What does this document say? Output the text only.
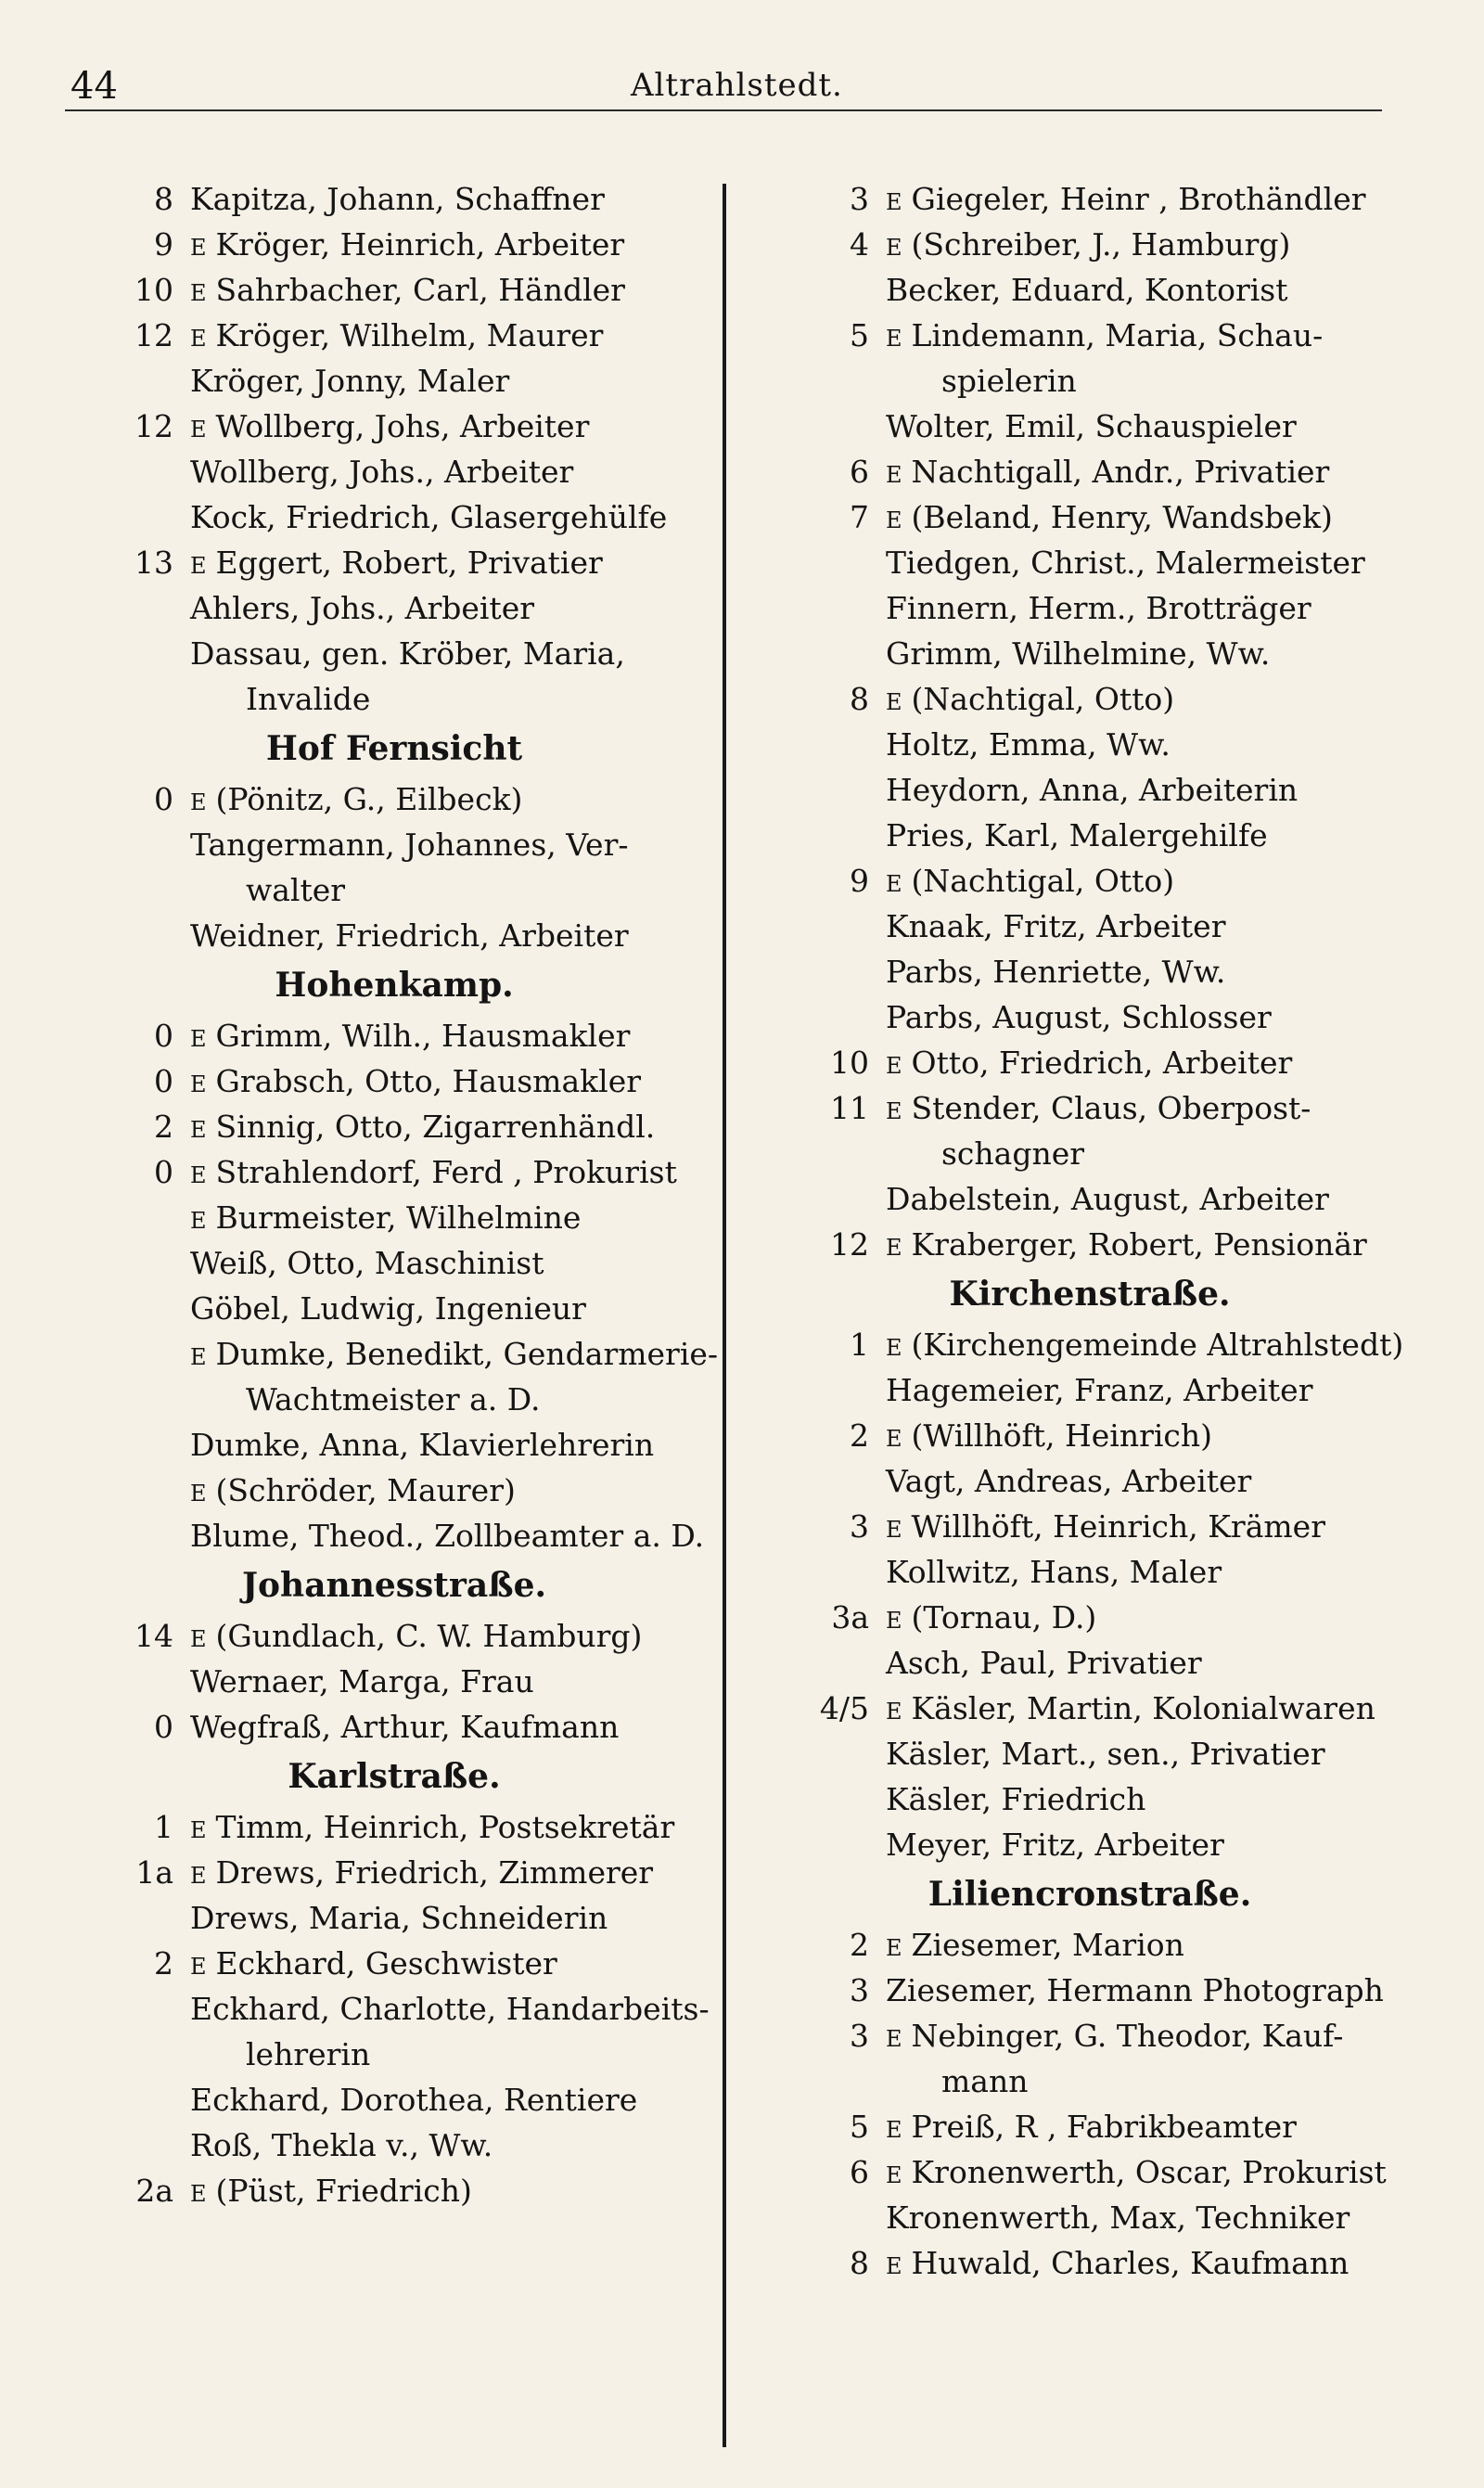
44	Altrahlstedt.
8 Kapitza, Johann, Schaffner
9 E Kröger, Heinrich, Arbeiter
10 E Sahrbacher, Carl, Händler
12 E Kröger, Wilhelm, Maurer
Kröger, Jonny, Maler
12 E Wollberg, Johs, Arbeiter
Wollberg, Johs., Arbeiter
Kock, Friedrich, Glasergehülfe
13 E Eggert, Robert, Privatier
Ahlers, Johs., Arbeiter
Dassau, gen. Kröber, Maria,
Invalide
Hof Fernsicht
0 E (Pönitz, G., Eilbeck)
Tangermann, Johannes, Ver-
walter
Weidner, Friedrich, Arbeiter
Hohenkamp.
0 E Grimm, Wilh., Hausmakler
0 E Grabsch, Otto, Hausmakler
2 E Sinnig, Otto, Zigarrenhändl.
0 E Strahlendorf, Ferd , Prokurist
E Burmeister, Wilhelmine
Weiß, Otto, Maschinist
Göbel, Ludwig, Ingenieur
E Dumke, Benedikt, Gendarmerie-
Wachtmeister a. D.
Dumke, Anna, Klavierlehrerin
E (Schröder, Maurer)
Blume, Theod., Zollbeamter a. D.
Johannesstraße.
14 E (Gundlach, C. W. Hamburg)
Wernaer, Marga, Frau
0 Wegfraß, Arthur, Kaufmann
Karlstraße.
1 E Timm, Heinrich, Postsekretär
1a E Drews, Friedrich, Zimmerer
Drews, Maria, Schneiderin
2 E Eckhard, Geschwister
Eckhard, Charlotte, Handarbeits-
lehrerin
Eckhard, Dorothea, Rentiere
Roß, Thekla v., Ww.
2a E (Püst, Friedrich)
3 E Giegeler, Heinr , Brothändler
4 E (Schreiber, J., Hamburg)
Becker, Eduard, Kontorist
5 E Lindemann, Maria, Schau-
spielerin
Wolter, Emil, Schauspieler
6 E Nachtigall, Andr., Privatier
7 E (Beland, Henry, Wandsbek)
Tiedgen, Christ., Malermeister
Finnern, Herm., Brotträger
Grimm, Wilhelmine, Ww.
8 E (Nachtigal, Otto)
Holtz, Emma, Ww.
Heydorn, Anna, Arbeiterin
Pries, Karl, Malergehilfe
9 E (Nachtigal, Otto)
Knaak, Fritz, Arbeiter
Parbs, Henriette, Ww.
Parbs, August, Schlosser
10 E Otto, Friedrich, Arbeiter
11 E Stender, Claus, Oberpost-
schagner
Dabelstein, August, Arbeiter
12 E Kraberger, Robert, Pensionär
Kirchenstraße.
1 E (Kirchengemeinde Altrahlstedt)
Hagemeier, Franz, Arbeiter
2 E (Willhöft, Heinrich)
Vagt, Andreas, Arbeiter
3 E Willhöft, Heinrich, Krämer
Kollwitz, Hans, Maler
3a E (Tornau, D.)
Asch, Paul, Privatier
4/5 E Käsler, Martin, Kolonialwaren
Käsler, Mart., sen., Privatier
Käsler, Friedrich
Meyer, Fritz, Arbeiter
Liliencronstraße.
2 E Ziesemer, Marion
3 Ziesemer, Hermann Photograph
3 E Nebinger, G. Theodor, Kauf-
mann
5 E Preiß, R , Fabrikbeamter
6 E Kronenwerth, Oscar, Prokurist
Kronenwerth, Max, Techniker
8 E Huwald, Charles, Kaufmann
